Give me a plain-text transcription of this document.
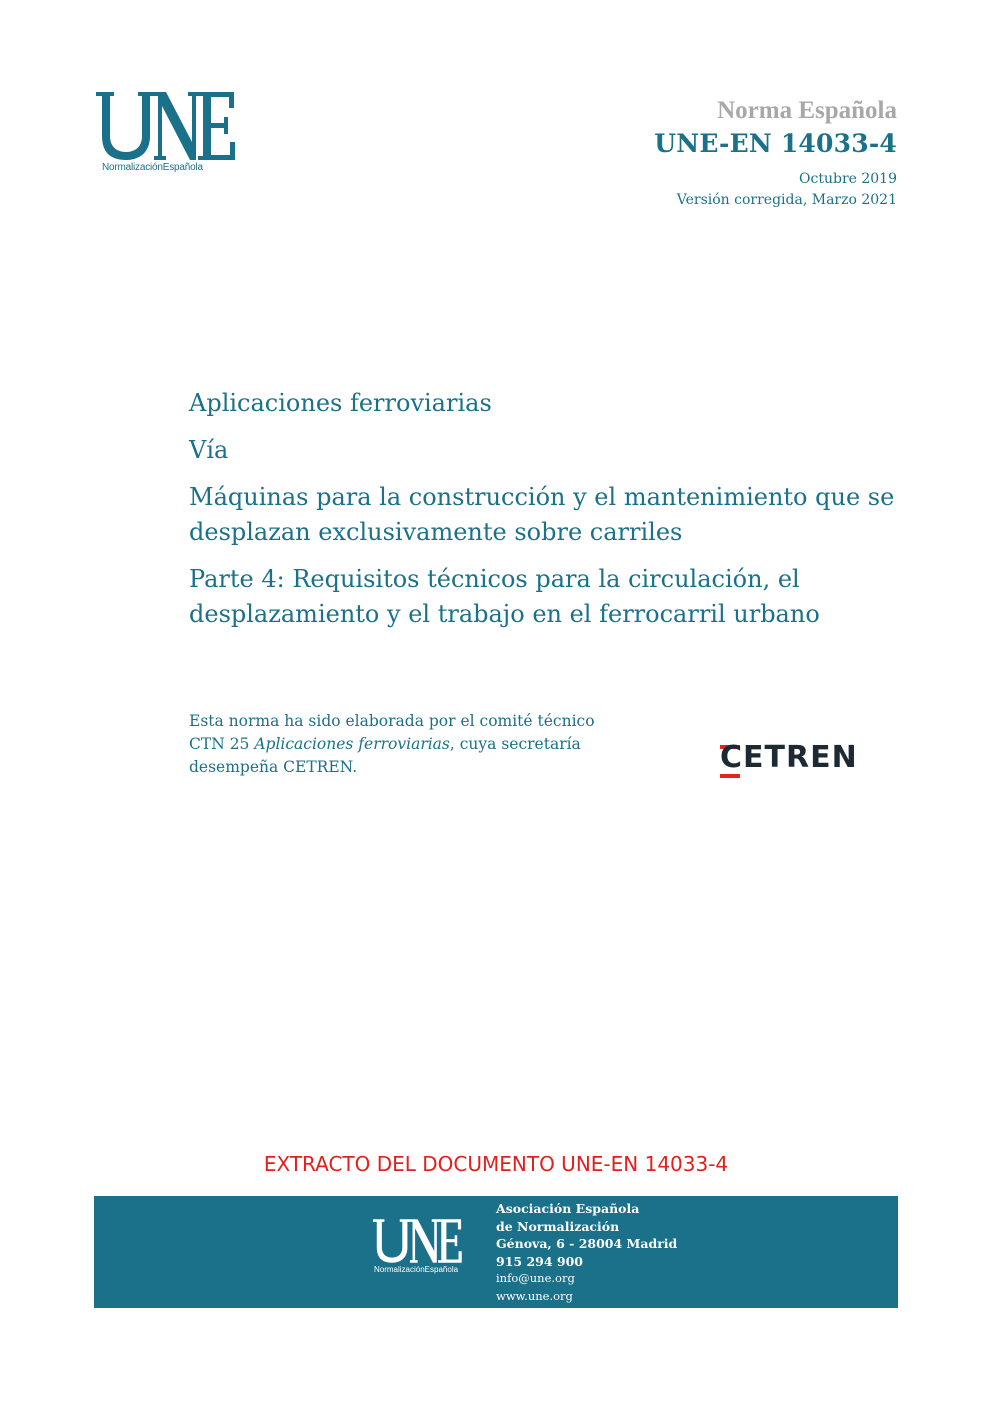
NormalizaciónEspañola
Norma Española
UNE-EN 14033-4
Octubre 2019
Versión corregida, Marzo 2021

Aplicaciones ferroviarias

Vía

Máquinas para la construcción y el mantenimiento que se desplazan exclusivamente sobre carriles

Parte 4: Requisitos técnicos para la circulación, el desplazamiento y el trabajo en el ferrocarril urbano

Esta norma ha sido elaborada por el comité técnico
CTN 25 Aplicaciones ferroviarias, cuya secretaría
desempeña CETREN.	CETREN
EXTRACTO DEL DOCUMENTO UNE-EN 14033-4
NormalizaciónEspañola
Asociación Española
de Normalización
Génova, 6 - 28004 Madrid
915 294 900
info@une.org
www.une.org
